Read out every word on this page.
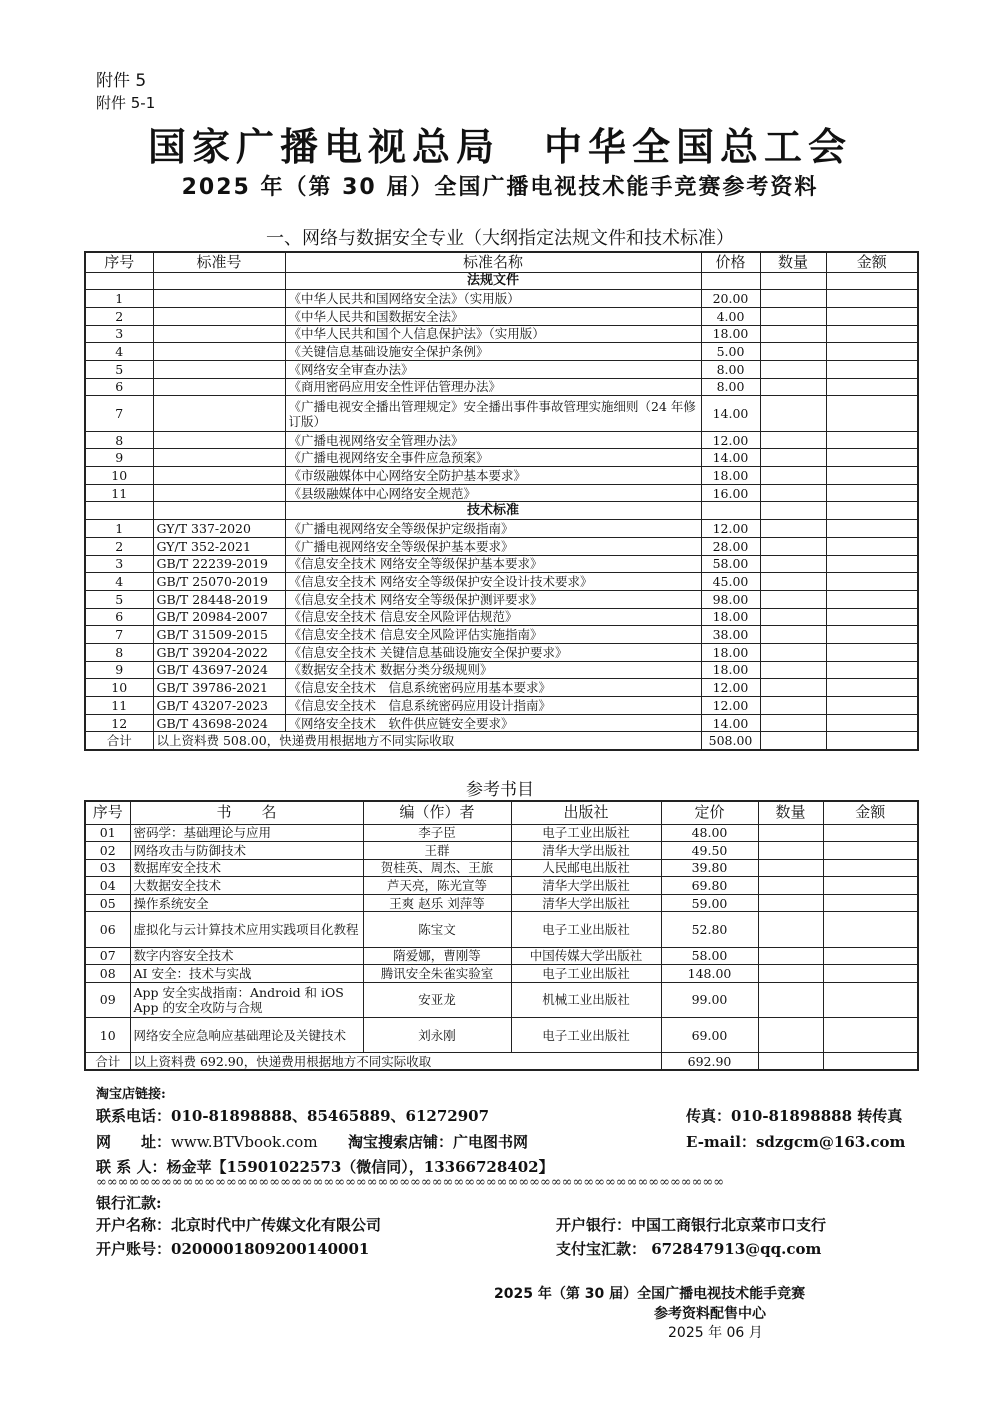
附件 5
附件 5-1
国家广播电视总局　中华全国总工会
2025 年（第 30 届）全国广播电视技术能手竞赛参考资料
一、网络与数据安全专业（大纲指定法规文件和技术标准）
序号	标准号	标准名称	价格	数量	金额
		法规文件			
1		《中华人民共和国网络安全法》（实用版）	20.00		
2		《中华人民共和国数据安全法》	4.00		
3		《中华人民共和国个人信息保护法》（实用版）	18.00		
4		《关键信息基础设施安全保护条例》	5.00		
5		《网络安全审查办法》	8.00		
6		《商用密码应用安全性评估管理办法》	8.00		
7		《广播电视安全播出管理规定》安全播出事件事故管理实施细则（24 年修订版）	14.00		
8		《广播电视网络安全管理办法》	12.00		
9		《广播电视网络安全事件应急预案》	14.00		
10		《市级融媒体中心网络安全防护基本要求》	18.00		
11		《县级融媒体中心网络安全规范》	16.00		
		技术标准			
1	GY/T 337-2020	《广播电视网络安全等级保护定级指南》	12.00		
2	GY/T 352-2021	《广播电视网络安全等级保护基本要求》	28.00		
3	GB/T 22239-2019	《信息安全技术 网络安全等级保护基本要求》	58.00		
4	GB/T 25070-2019	《信息安全技术 网络安全等级保护安全设计技术要求》	45.00		
5	GB/T 28448-2019	《信息安全技术 网络安全等级保护测评要求》	98.00		
6	GB/T 20984-2007	《信息安全技术 信息安全风险评估规范》	18.00		
7	GB/T 31509-2015	《信息安全技术 信息安全风险评估实施指南》	38.00		
8	GB/T 39204-2022	《信息安全技术 关键信息基础设施安全保护要求》	18.00		
9	GB/T 43697-2024	《数据安全技术 数据分类分级规则》	18.00		
10	GB/T 39786-2021	《信息安全技术　信息系统密码应用基本要求》	12.00		
11	GB/T 43207-2023	《信息安全技术　信息系统密码应用设计指南》	12.00		
12	GB/T 43698-2024	《网络安全技术　软件供应链安全要求》	14.00		
合计	以上资料费 508.00，快递费用根据地方不同实际收取		508.00		
参考书目
序号	书　　名	编（作）者	出版社	定价	数量	金额
01	密码学：基础理论与应用	李子臣	电子工业出版社	48.00		
02	网络攻击与防御技术	王群	清华大学出版社	49.50		
03	数据库安全技术	贺桂英、周杰、王旅	人民邮电出版社	39.80		
04	大数据安全技术	芦天亮，陈光宣等	清华大学出版社	69.80		
05	操作系统安全	王爽 赵乐 刘萍等	清华大学出版社	59.00		
06	虚拟化与云计算技术应用实践项目化教程	陈宝文	电子工业出版社	52.80		
07	数字内容安全技术	隋爱娜，曹刚等	中国传媒大学出版社	58.00		
08	AI 安全：技术与实战	腾讯安全朱雀实验室	电子工业出版社	148.00		
09	App 安全实战指南：Android 和 iOS App 的安全攻防与合规	安亚龙	机械工业出版社	99.00		
10	网络安全应急响应基础理论及关键技术	刘永刚	电子工业出版社	69.00		
合计	以上资料费 692.90，快递费用根据地方不同实际收取			692.90		
淘宝店链接:
联系电话：010-81898888、85465889、61272907	传真：010-81898888 转传真
网　　址：www.BTVbook.com 淘宝搜索店铺：广电图书网	E-mail：sdzgcm@163.com
联 系 人：杨金苹【15901022573（微信同），13366728402】
∞∞∞∞∞∞∞∞∞∞∞∞∞∞∞∞∞∞∞∞∞∞∞∞∞∞∞∞∞∞∞∞∞∞∞∞∞∞∞∞∞∞∞∞∞∞∞∞∞∞∞∞∞∞∞∞∞∞
银行汇款:
开户名称：北京时代中广传媒文化有限公司	开户银行：中国工商银行北京菜市口支行
开户账号：0200001809200140001	支付宝汇款： 672847913@qq.com
2025 年（第 30 届）全国广播电视技术能手竞赛
参考资料配售中心
2025 年 06 月
